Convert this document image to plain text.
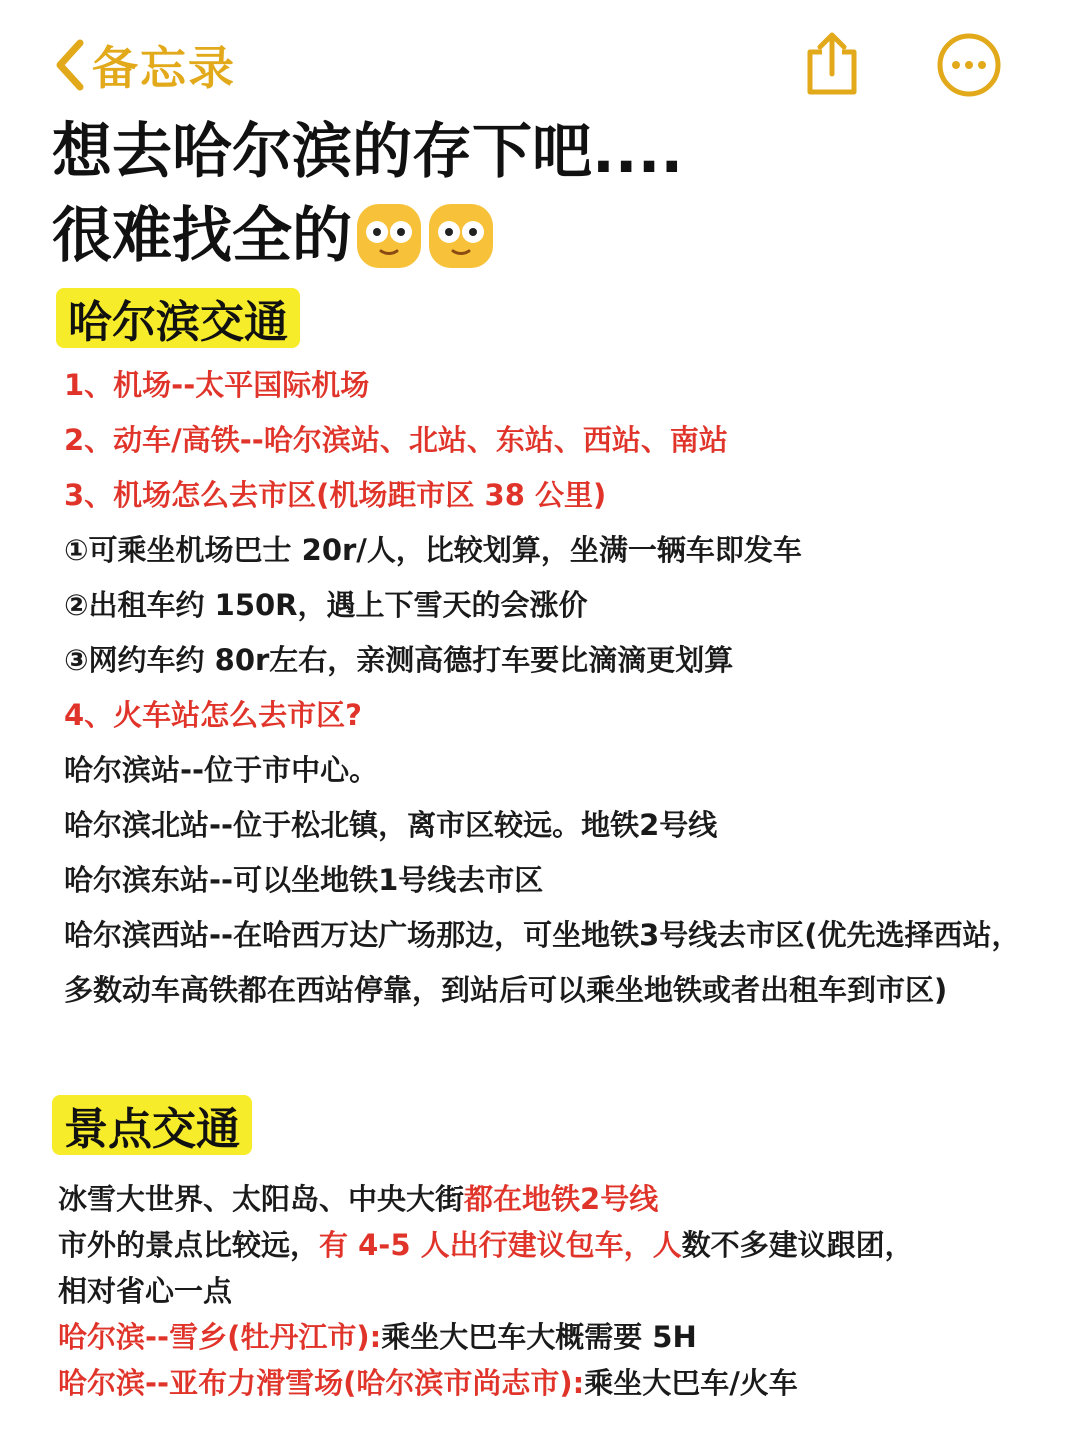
备忘录
想去哈尔滨的存下吧....
很难找全的
哈尔滨交通
1、机场--太平国际机场
2、动车/高铁--哈尔滨站、北站、东站、西站、南站
3、机场怎么去市区(机场距市区 38 公里)
①可乘坐机场巴士 20r/人，比较划算，坐满一辆车即发车
②出租车约 150R，遇上下雪天的会涨价
③网约车约 80r左右，亲测高德打车要比滴滴更划算
4、火车站怎么去市区?
哈尔滨站--位于市中心。
哈尔滨北站--位于松北镇，离市区较远。地铁2号线
哈尔滨东站--可以坐地铁1号线去市区
哈尔滨西站--在哈西万达广场那边，可坐地铁3号线去市区(优先选择西站，多数动车高铁都在西站停靠，到站后可以乘坐地铁或者出租车到市区)
景点交通
冰雪大世界、太阳岛、中央大街都在地铁2号线
市外的景点比较远，有 4-5 人出行建议包车，人数不多建议跟团，
相对省心一点
哈尔滨--雪乡(牡丹江市):乘坐大巴车大概需要 5H
哈尔滨--亚布力滑雪场(哈尔滨市尚志市):乘坐大巴车/火车
